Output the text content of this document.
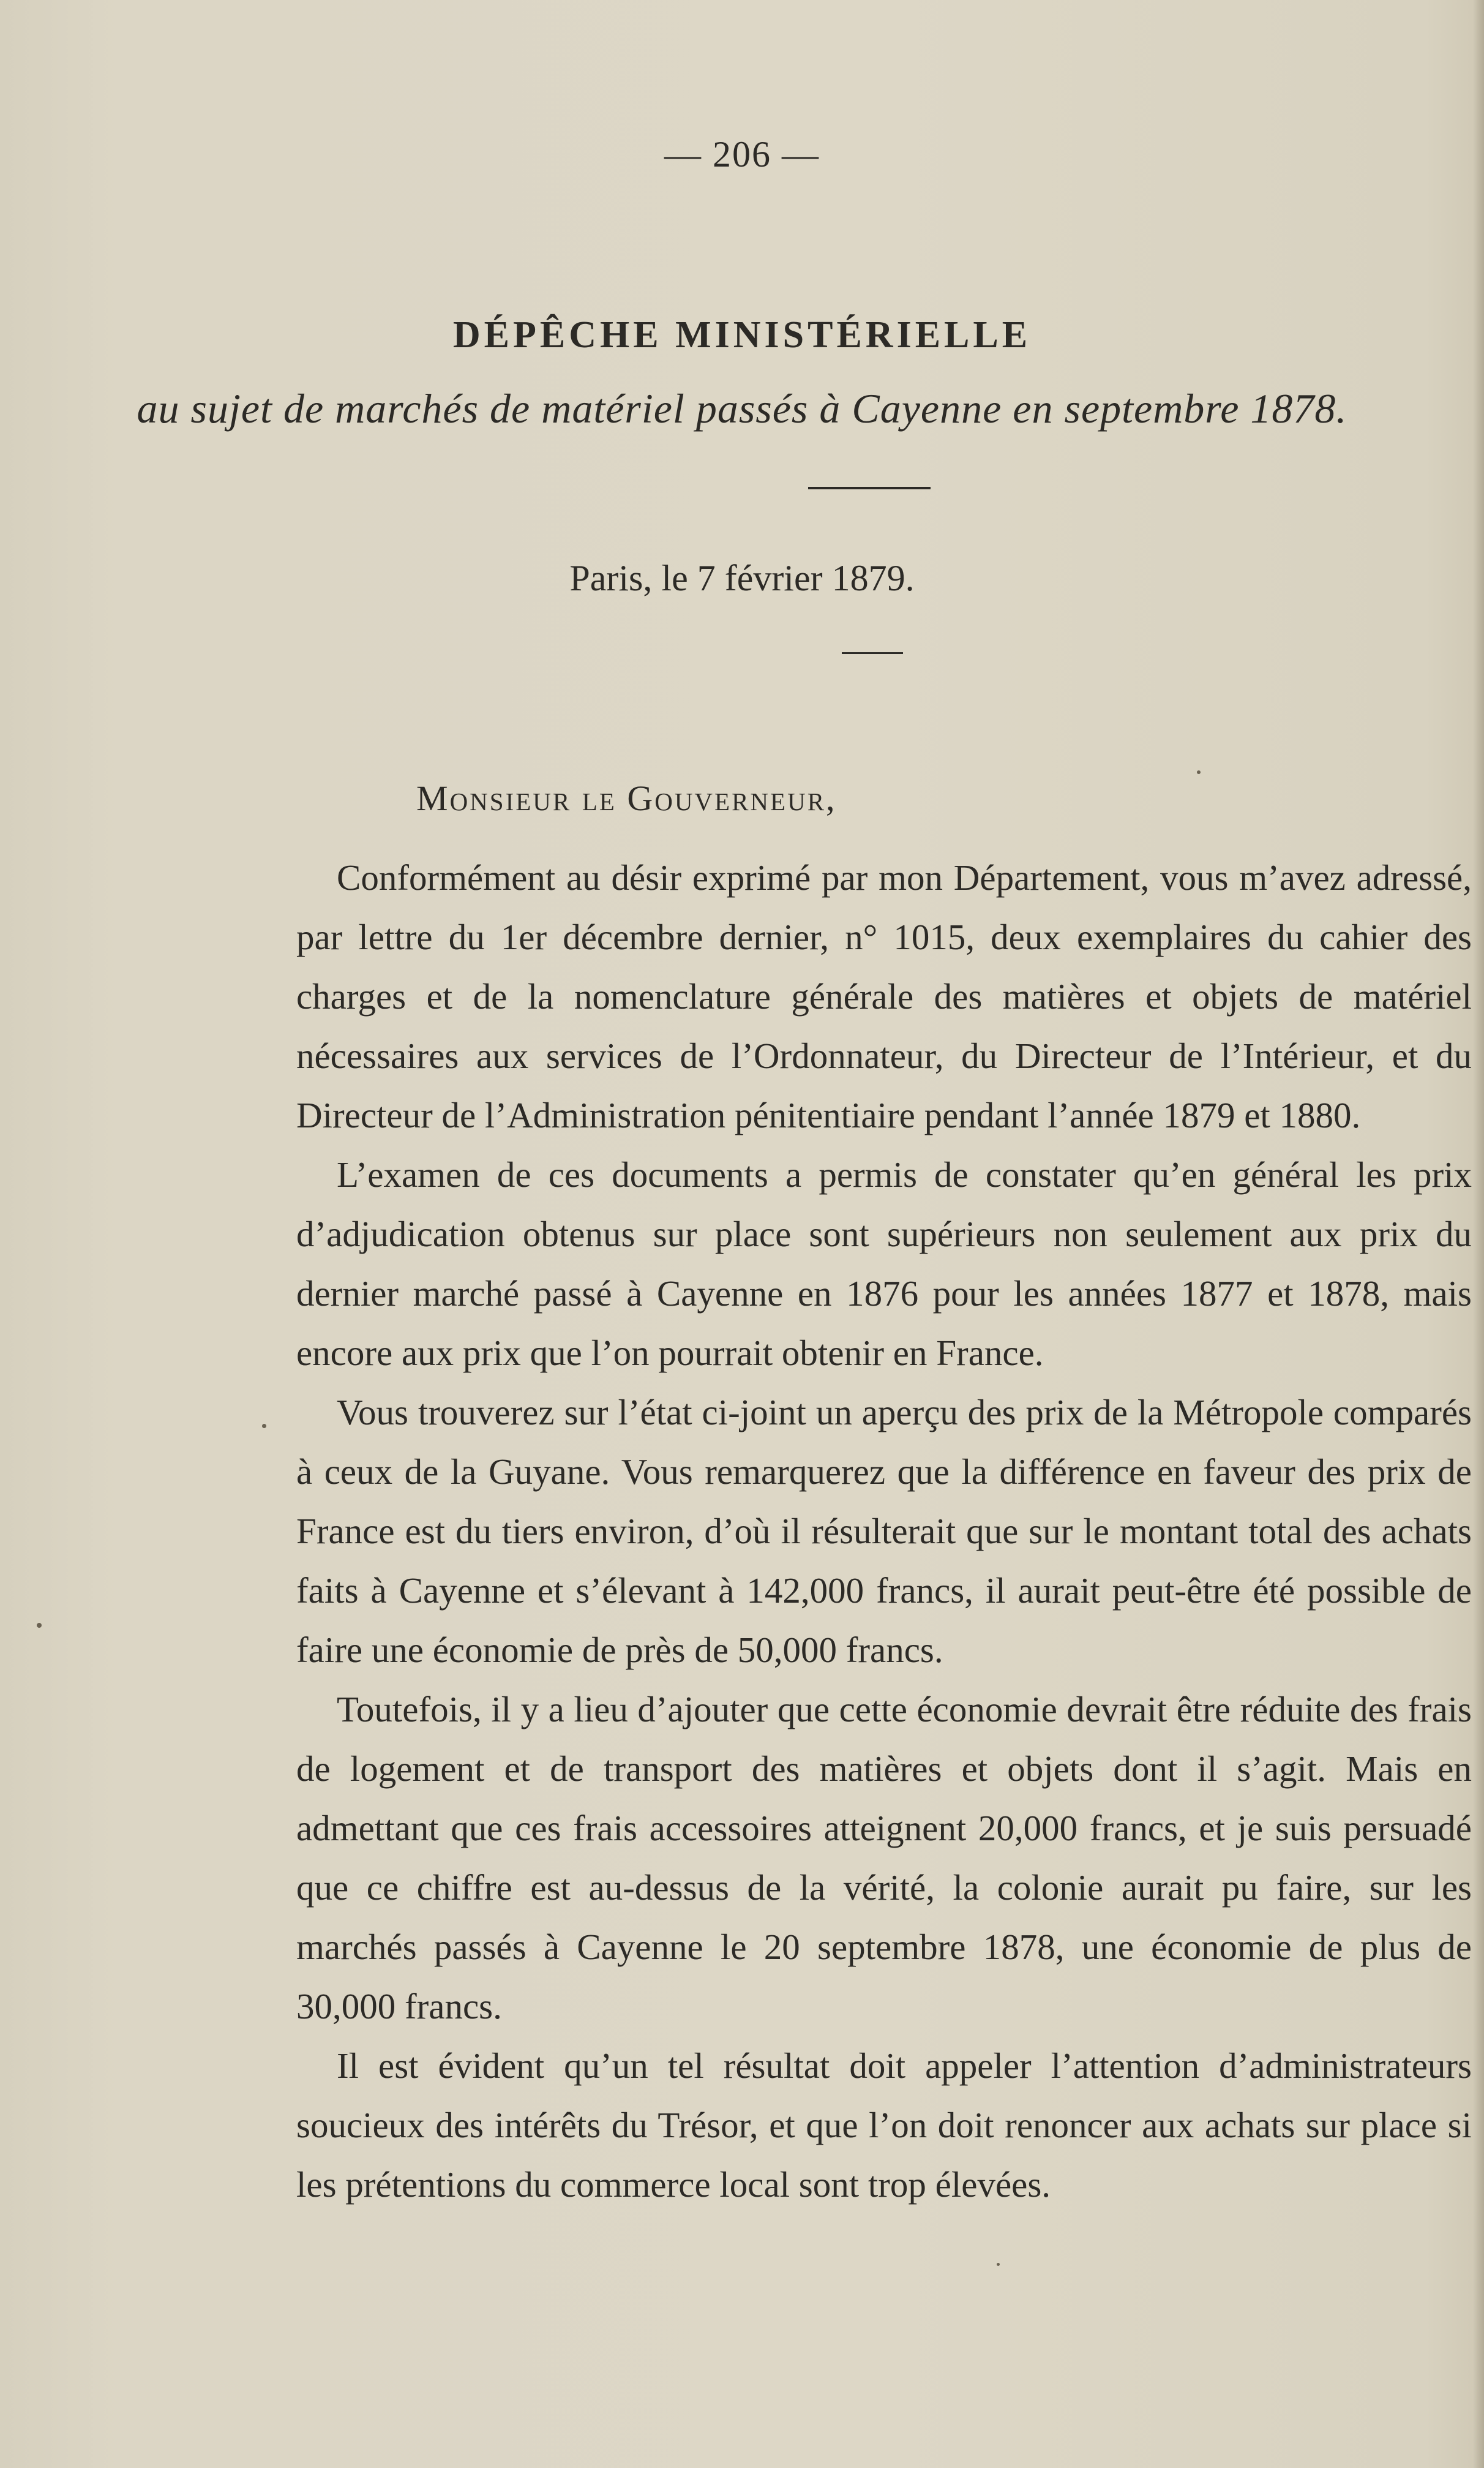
— 206 —
DÉPÊCHE MINISTÉRIELLE
au sujet de marchés de matériel passés à Cayenne en septembre 1878.
Paris, le 7 février 1879.
Monsieur le Gouverneur,

Conformément au désir exprimé par mon Département, vous m’avez adressé, par lettre du 1er décembre dernier, n° 1015, deux exemplaires du cahier des charges et de la nomenclature générale des matières et objets de matériel nécessaires aux services de l’Ordonnateur, du Directeur de l’Intérieur, et du Directeur de l’Administration pénitentiaire pendant l’année 1879 et 1880.

L’examen de ces documents a permis de constater qu’en général les prix d’adjudication obtenus sur place sont supérieurs non seulement aux prix du dernier marché passé à Cayenne en 1876 pour les années 1877 et 1878, mais encore aux prix que l’on pourrait obtenir en France.

Vous trouverez sur l’état ci-joint un aperçu des prix de la Métropole comparés à ceux de la Guyane. Vous remarquerez que la différence en faveur des prix de France est du tiers environ, d’où il résulterait que sur le montant total des achats faits à Cayenne et s’élevant à 142,000 francs, il aurait peut-être été possible de faire une économie de près de 50,000 francs.

Toutefois, il y a lieu d’ajouter que cette économie devrait être réduite des frais de logement et de transport des matières et objets dont il s’agit. Mais en admettant que ces frais accessoires atteignent 20,000 francs, et je suis persuadé que ce chiffre est au-dessus de la vérité, la colonie aurait pu faire, sur les marchés passés à Cayenne le 20 septembre 1878, une économie de plus de 30,000 francs.

Il est évident qu’un tel résultat doit appeler l’attention d’administrateurs soucieux des intérêts du Trésor, et que l’on doit renoncer aux achats sur place si les prétentions du commerce local sont trop élevées.
